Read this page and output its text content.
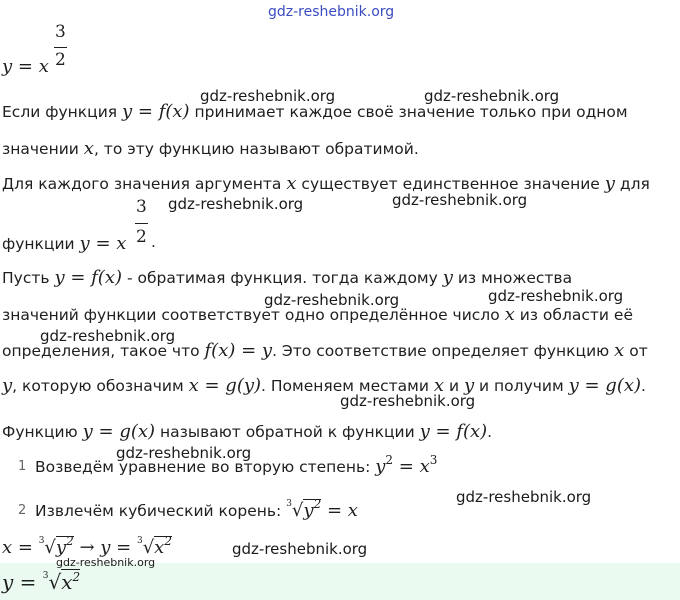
gdz-reshebnik.org
y = x
3
2
gdz-reshebnik.org	gdz-reshebnik.org
Если функция y = f(x) принимает каждое своё значение только при одном
значении x, то эту функцию называют обратимой.
Для каждого значения аргумента x существует единственное значение y для
gdz-reshebnik.org	gdz-reshebnik.org
функции y = x
3
2 .
Пусть y = f(x) - обратимая функция. тогда каждому y из множества
gdz-reshebnik.org	gdz-reshebnik.org
значений функции соответствует одно определённое число x из области её
gdz-reshebnik.org
определения, такое что f(x) = y. Это соответствие определяет функцию x от
y, которую обозначим x = g(y). Поменяем местами x и y и получим y = g(x).
gdz-reshebnik.org
Функцию y = g(x) называют обратной к функции y = f(x).
gdz-reshebnik.org
1 Возведём уравнение во вторую степень: $y^2 = x^3$
gdz-reshebnik.org
2 Извлечём кубический корень: $^3√y^2 = x$
$x = ^3√y^2 \to y = ^3√x^2$	gdz-reshebnik.org
gdz-reshebnik.org
$y = ^3√x^2$
